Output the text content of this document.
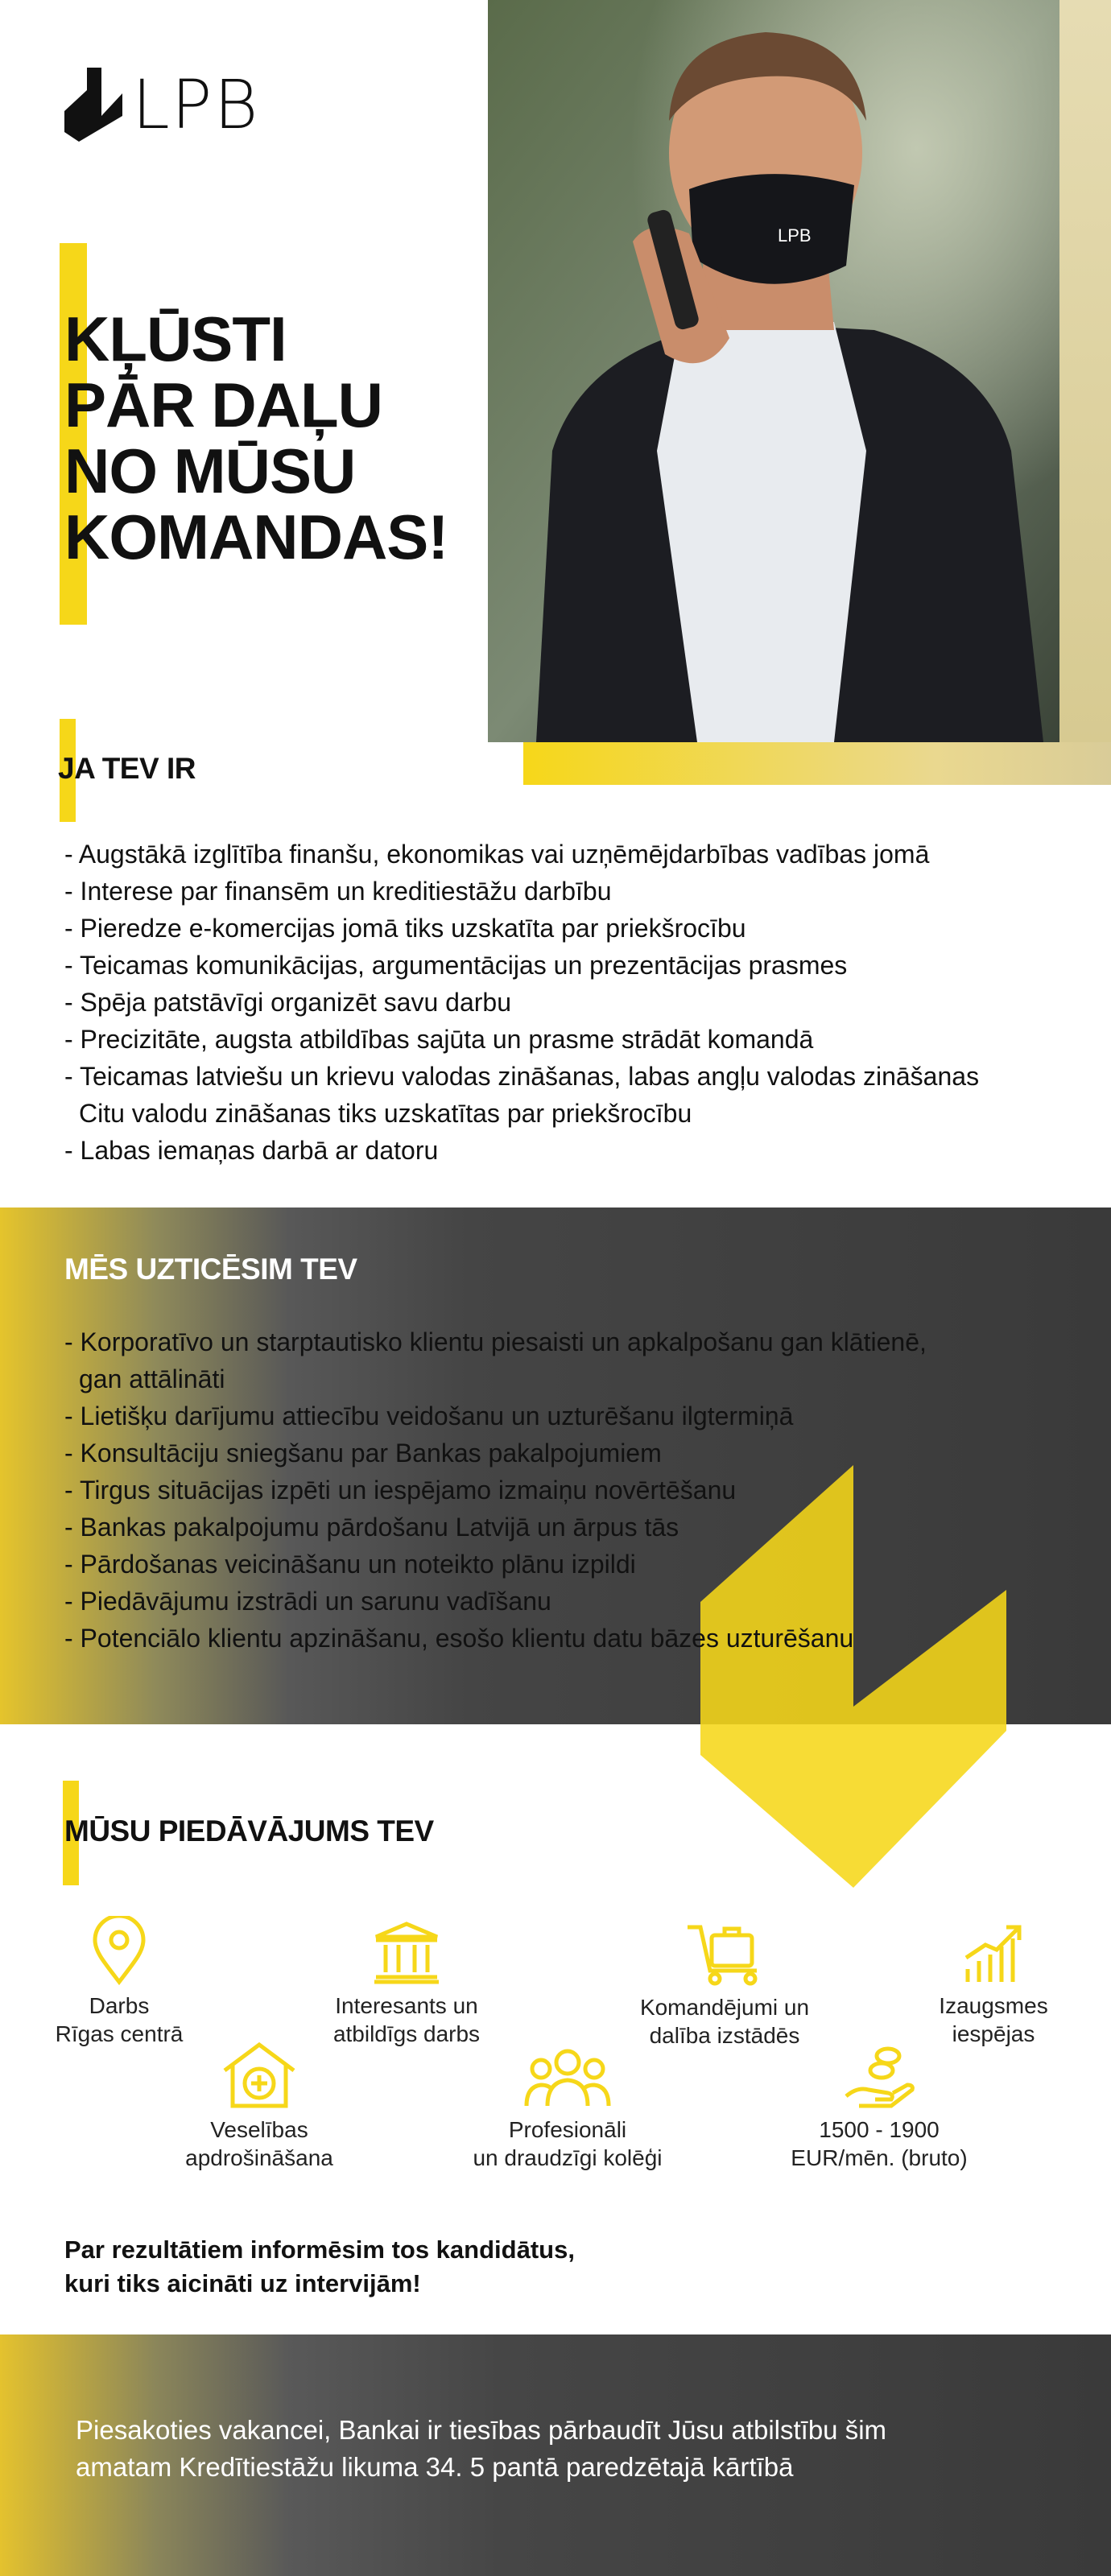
LPB
KĻŪSTI
PĀR DAĻU
NO MŪSU
KOMANDAS!
LPB
JA TEV IR
- Augstākā izglītība finanšu, ekonomikas vai uzņēmējdarbības vadības jomā
- Interese par finansēm un kreditiestāžu darbību
- Pieredze e-komercijas jomā tiks uzskatīta par priekšrocību
- Teicamas komunikācijas, argumentācijas un prezentācijas prasmes
- Spēja patstāvīgi organizēt savu darbu
- Precizitāte, augsta atbildības sajūta un prasme strādāt komandā
- Teicamas latviešu un krievu valodas zināšanas, labas angļu valodas zināšanas
Citu valodu zināšanas tiks uzskatītas par priekšrocību
- Labas iemaņas darbā ar datoru
MĒS UZTICĒSIM TEV
- Korporatīvo un starptautisko klientu piesaisti un apkalpošanu gan klātienē,
gan attālināti
- Lietišķu darījumu attiecību veidošanu un uzturēšanu ilgtermiņā
- Konsultāciju sniegšanu par Bankas pakalpojumiem
- Tirgus situācijas izpēti un iespējamo izmaiņu novērtēšanu
- Bankas pakalpojumu pārdošanu Latvijā un ārpus tās
- Pārdošanas veicināšanu un noteikto plānu izpildi
- Piedāvājumu izstrādi un sarunu vadīšanu
- Potenciālo klientu apzināšanu, esošo klientu datu bāzes uzturēšanu
MŪSU PIEDĀVĀJUMS TEV
Darbs
Rīgas centrā
Interesants un
atbildīgs darbs
Komandējumi un
dalība izstādēs
Izaugsmes
iespējas
Veselības
apdrošināšana
Profesionāli
un draudzīgi kolēģi
1500 - 1900
EUR/mēn. (bruto)
Par rezultātiem informēsim tos kandidātus,
kuri tiks aicināti uz intervijām!
Piesakoties vakancei, Bankai ir tiesības pārbaudīt Jūsu atbilstību šim
amatam Kredītiestāžu likuma 34. 5 pantā paredzētajā kārtībā
